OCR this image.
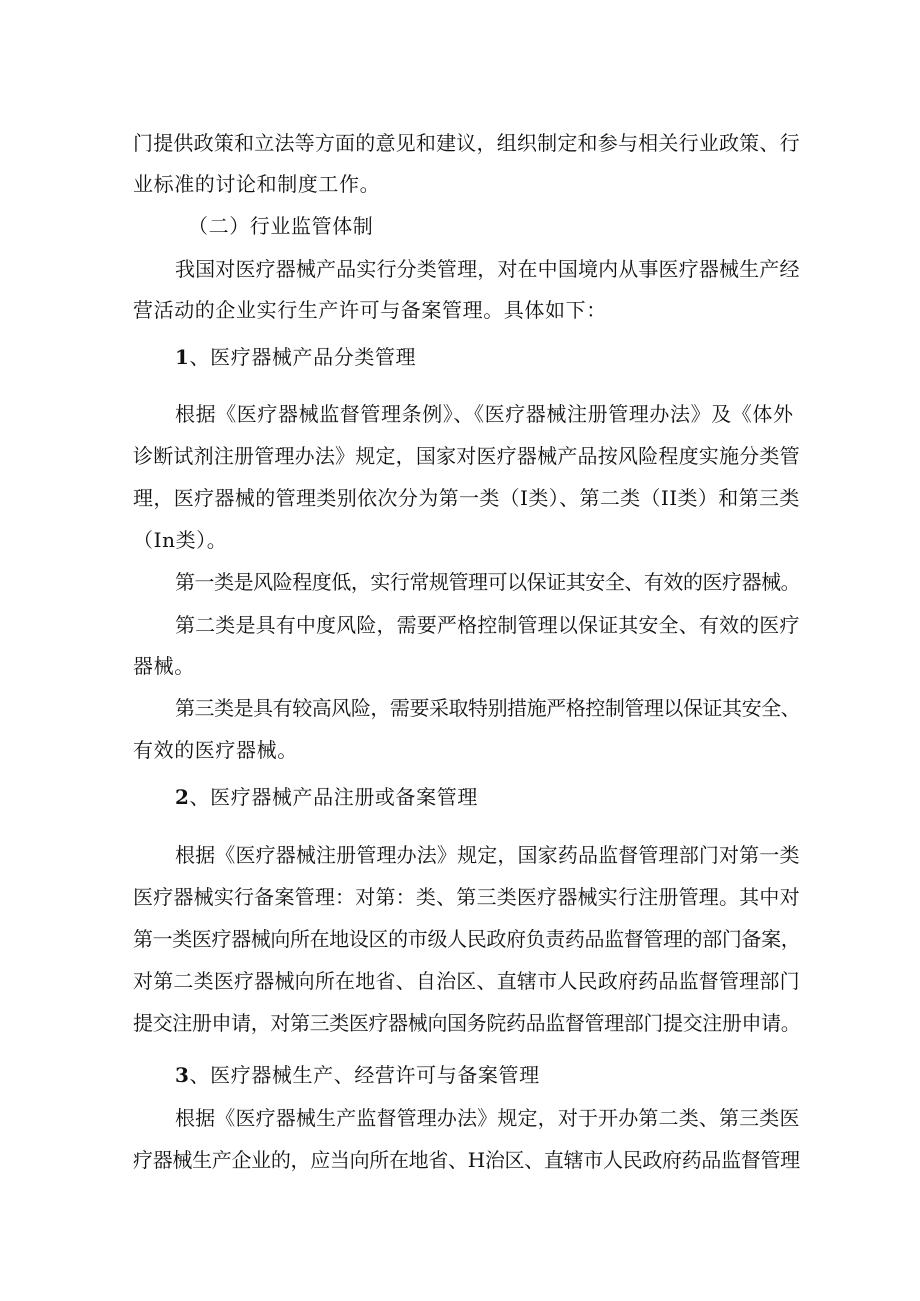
门提供政策和立法等方面的意见和建议，组织制定和参与相关行业政策、行
业标准的讨论和制度工作。
（二）行业监管体制
我国对医疗器械产品实行分类管理，对在中国境内从事医疗器械生产经
营活动的企业实行生产许可与备案管理。具体如下：
1、医疗器械产品分类管理
根据《医疗器械监督管理条例》、《医疗器械注册管理办法》及《体外
诊断试剂注册管理办法》规定，国家对医疗器械产品按风险程度实施分类管
理，医疗器械的管理类别依次分为第一类（I类）、第二类（II类）和第三类
（In类）。
第一类是风险程度低，实行常规管理可以保证其安全、有效的医疗器械。
第二类是具有中度风险，需要严格控制管理以保证其安全、有效的医疗
器械。
第三类是具有较高风险，需要采取特别措施严格控制管理以保证其安全、
有效的医疗器械。
2、医疗器械产品注册或备案管理
根据《医疗器械注册管理办法》规定，国家药品监督管理部门对第一类
医疗器械实行备案管理：对第：类、第三类医疗器械实行注册管理。其中对
第一类医疗器械向所在地设区的市级人民政府负责药品监督管理的部门备案，
对第二类医疗器械向所在地省、自治区、直辖市人民政府药品监督管理部门
提交注册申请，对第三类医疗器械向国务院药品监督管理部门提交注册申请。
3、医疗器械生产、经营许可与备案管理
根据《医疗器械生产监督管理办法》规定，对于开办第二类、第三类医
疗器械生产企业的，应当向所在地省、H治区、直辖市人民政府药品监督管理
